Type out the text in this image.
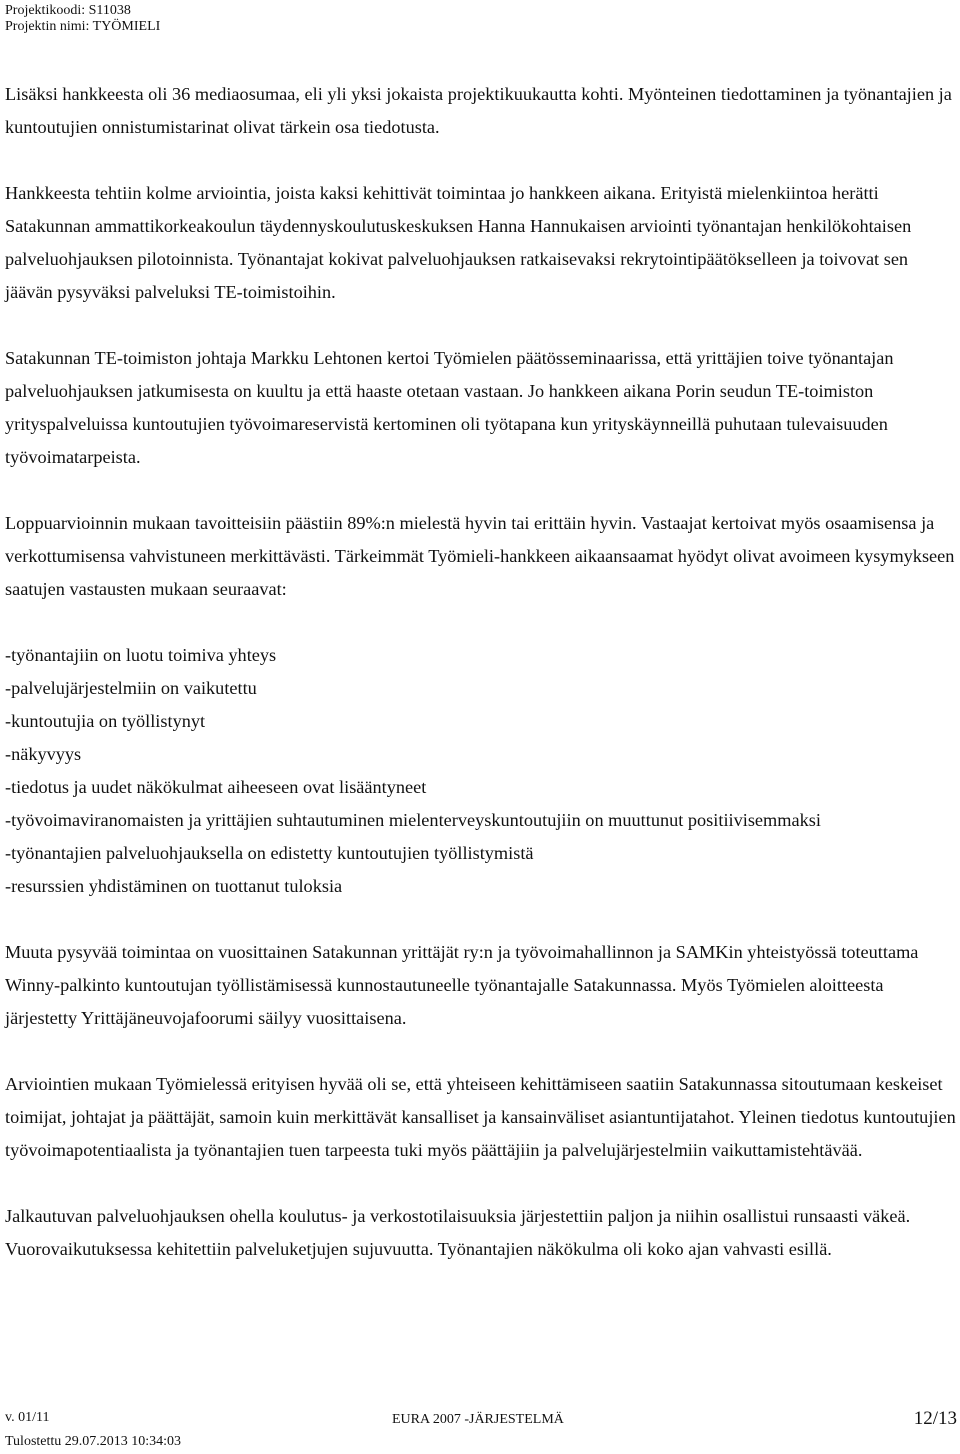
Projektikoodi: S11038
Projektin nimi: TYÖMIELI

Lisäksi hankkeesta oli 36 mediaosumaa, eli yli yksi jokaista projektikuukautta kohti. Myönteinen tiedottaminen ja työnantajien ja kuntoutujien onnistumistarinat olivat tärkein osa tiedotusta.

Hankkeesta tehtiin kolme arviointia, joista kaksi kehittivät toimintaa jo hankkeen aikana. Erityistä mielenkiintoa herätti Satakunnan ammattikorkeakoulun täydennyskoulutuskeskuksen Hanna Hannukaisen arviointi työnantajan henkilökohtaisen palveluohjauksen pilotoinnista. Työnantajat kokivat palveluohjauksen ratkaisevaksi rekrytointipäätökselleen ja toivovat sen jäävän pysyväksi palveluksi TE-toimistoihin.

Satakunnan TE-toimiston johtaja Markku Lehtonen kertoi Työmielen päätösseminaarissa, että yrittäjien toive työnantajan palveluohjauksen jatkumisesta on kuultu ja että haaste otetaan vastaan. Jo hankkeen aikana Porin seudun TE-toimiston yrityspalveluissa kuntoutujien työvoimareservistä kertominen oli työtapana kun yrityskäynneillä puhutaan tulevaisuuden työvoimatarpeista.

Loppuarvioinnin mukaan tavoitteisiin päästiin 89%:n mielestä hyvin tai erittäin hyvin. Vastaajat kertoivat myös osaamisensa ja verkottumisensa vahvistuneen merkittävästi. Tärkeimmät Työmieli-hankkeen aikaansaamat hyödyt olivat avoimeen kysymykseen saatujen vastausten mukaan seuraavat:

-työnantajiin on luotu toimiva yhteys
-palvelujärjestelmiin on vaikutettu
-kuntoutujia on työllistynyt
-näkyvyys
-tiedotus ja uudet näkökulmat aiheeseen ovat lisääntyneet
-työvoimaviranomaisten ja yrittäjien suhtautuminen mielenterveyskuntoutujiin on muuttunut positiivisemmaksi
-työnantajien palveluohjauksella on edistetty kuntoutujien työllistymistä
-resurssien yhdistäminen on tuottanut tuloksia

Muuta pysyvää toimintaa on vuosittainen Satakunnan yrittäjät ry:n ja työvoimahallinnon ja SAMKin yhteistyössä toteuttama Winny-palkinto kuntoutujan työllistämisessä kunnostautuneelle työnantajalle Satakunnassa. Myös Työmielen aloitteesta järjestetty Yrittäjäneuvojafoorumi säilyy vuosittaisena.

Arviointien mukaan Työmielessä erityisen hyvää oli se, että yhteiseen kehittämiseen saatiin Satakunnassa sitoutumaan keskeiset toimijat, johtajat ja päättäjät, samoin kuin merkittävät kansalliset ja kansainväliset asiantuntijatahot. Yleinen tiedotus kuntoutujien työvoimapotentiaalista ja työnantajien tuen tarpeesta tuki myös päättäjiin ja palvelujärjestelmiin vaikuttamistehtävää.

Jalkautuvan palveluohjauksen ohella koulutus- ja verkostotilaisuuksia järjestettiin paljon ja niihin osallistui runsaasti väkeä. Vuorovaikutuksessa kehitettiin palveluketjujen sujuvuutta. Työnantajien näkökulma oli koko ajan vahvasti esillä.

v. 01/11
Tulostettu 29.07.2013 10:34:03
EURA 2007 -JÄRJESTELMÄ	12/13
